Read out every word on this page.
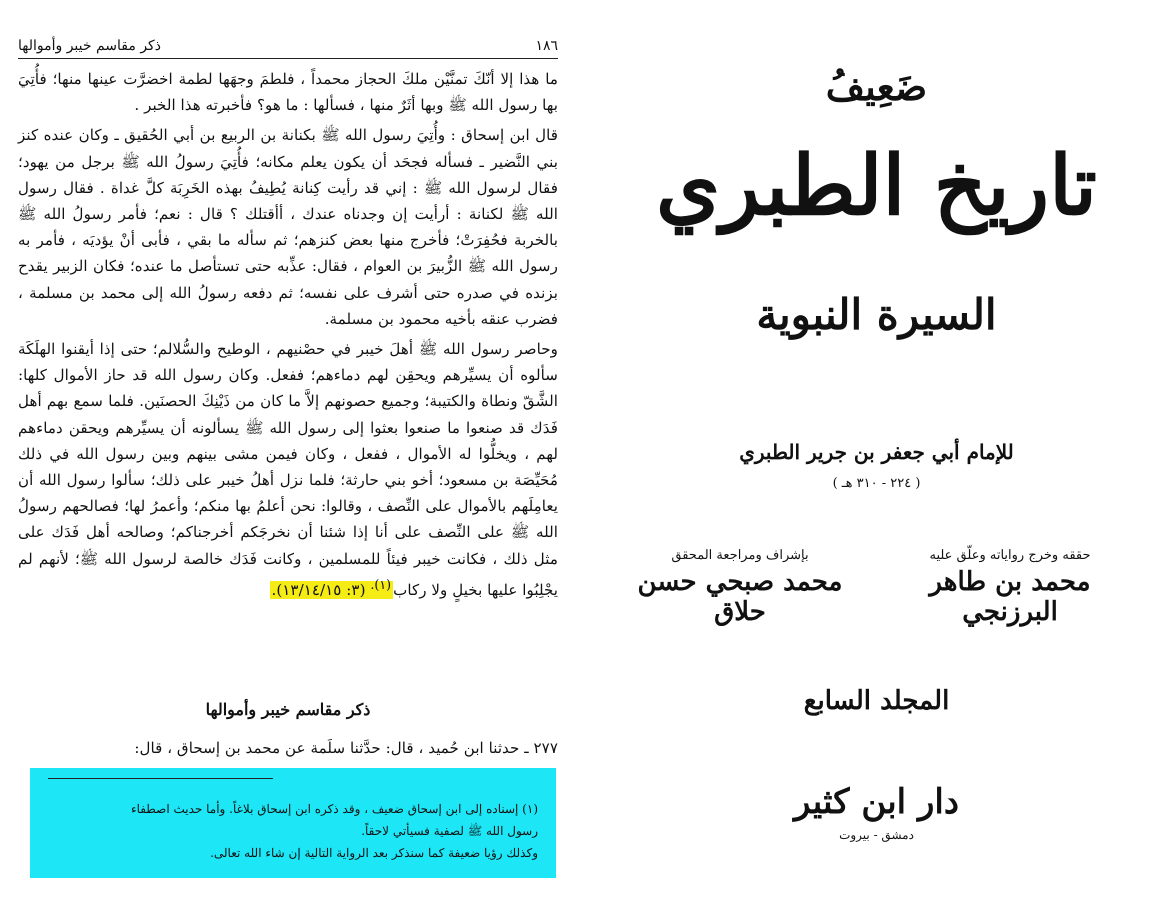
١٨٦
ذكر مقاسم خيبر وأموالها

ما هذا إلا أنّكَ تمنَّيْن ملكَ الحجاز محمداً ، فلطمَ وجهَها لطمة اخضرَّت عينها منها؛ فأُتِيَ بها رسول الله ﷺ وبها أثَرٌ منها ، فسألها : ما هو؟ فأخبرته هذا الخبر .

قال ابن إسحاق : وأُتِيَ رسول الله ﷺ بكنانة بن الربيع بن أبي الحُقيق ـ وكان عنده كنز بني النَّضير ـ فسأله فجحَد أن يكون يعلم مكانه؛ فأُتِيَ رسولُ الله ﷺ برجل من يهود؛ فقال لرسول الله ﷺ : إني قد رأيت كِنانة يُطِيفُ بهذه الخَرِبَة كلَّ غداة . فقال رسول الله ﷺ لكنانة : أرأيت إن وجدناه عندك ، أأقتلك ؟ قال : نعم؛ فأمر رسولُ الله ﷺ بالخربة فحُفِرَتْ؛ فأخرج منها بعض كنزهم؛ ثم سأله ما بقي ، فأبى أنْ يؤديَه ، فأمر به رسول الله ﷺ الزُّبيرَ بن العوام ، فقال: عذِّبه حتى تستأصل ما عنده؛ فكان الزبير يقدح بزنده في صدره حتى أشرف على نفسه؛ ثم دفعه رسولُ الله إلى محمد بن مسلمة ، فضرب عنقه بأخيه محمود بن مسلمة.

وحاصر رسول الله ﷺ أهلَ خيبر في حصْنيهم ، الوطيح والسُّلالم؛ حتى إذا أيقنوا الهلَكَة سألوه أن يسيِّرهم ويحقِن لهم دماءهم؛ ففعل. وكان رسول الله قد حاز الأموال كلها: الشَّقّ ونطاة والكتيبة؛ وجميع حصونهم إلاَّ ما كان من ذَيْنِكَ الحصنَين. فلما سمع بهم أهل فَدَك قد صنعوا ما صنعوا بعثوا إلى رسول الله ﷺ يسألونه أن يسيِّرهم ويحقن دماءهم لهم ، ويخلُّوا له الأموال ، ففعل ، وكان فيمن مشى بينهم وبين رسول الله في ذلك مُحَيِّصَة بن مسعود؛ أخو بني حارثة؛ فلما نزل أهلُ خيبر على ذلك؛ سألوا رسول الله أن يعامِلَهم بالأموال على النِّصف ، وقالوا: نحن أعلمُ بها منكم؛ وأعمرُ لها؛ فصالحهم رسولُ الله ﷺ على النِّصف على أنا إذا شئنا أن نخرجَكم أخرجناكم؛ وصالحه أهل فَدَك على مثل ذلك ، فكانت خيبر فيئاً للمسلمين ، وكانت فَدَك خالصة لرسول الله ﷺ؛ لأنهم لم يجْلِبُوا عليها بخيلٍ ولا ركاب$^{(١).}$ (٣: ١٣/١٤/١٥).

ذكر مقاسم خيبر وأموالها
٢٧٧ ـ حدثنا ابن حُميد ، قال: حدَّثنا سلَمة عن محمد بن إسحاق ، قال:
(١) إسناده إلى ابن إسحاق ضعيف ، وقد ذكره ابن إسحاق بلاغاً. وأما حديث اصطفاء
رسول الله ﷺ لصفية فسيأتي لاحقاً.
وكذلك رؤيا ضعيفة كما سنذكر بعد الرواية التالية إن شاء الله تعالى.
ضَعِيفُ
تاريخ الطبري
السيرة النبوية
للإمام أبي جعفر بن جرير الطبري
( ٢٢٤ - ٣١٠ هـ )
حققه وخرج رواياته وعلّق عليه
محمد بن طاهر البرزنجي
بإشراف ومراجعة المحقق
محمد صبحي حسن حلاق
المجلد السابع
دار ابن كثير
دمشق - بيروت
